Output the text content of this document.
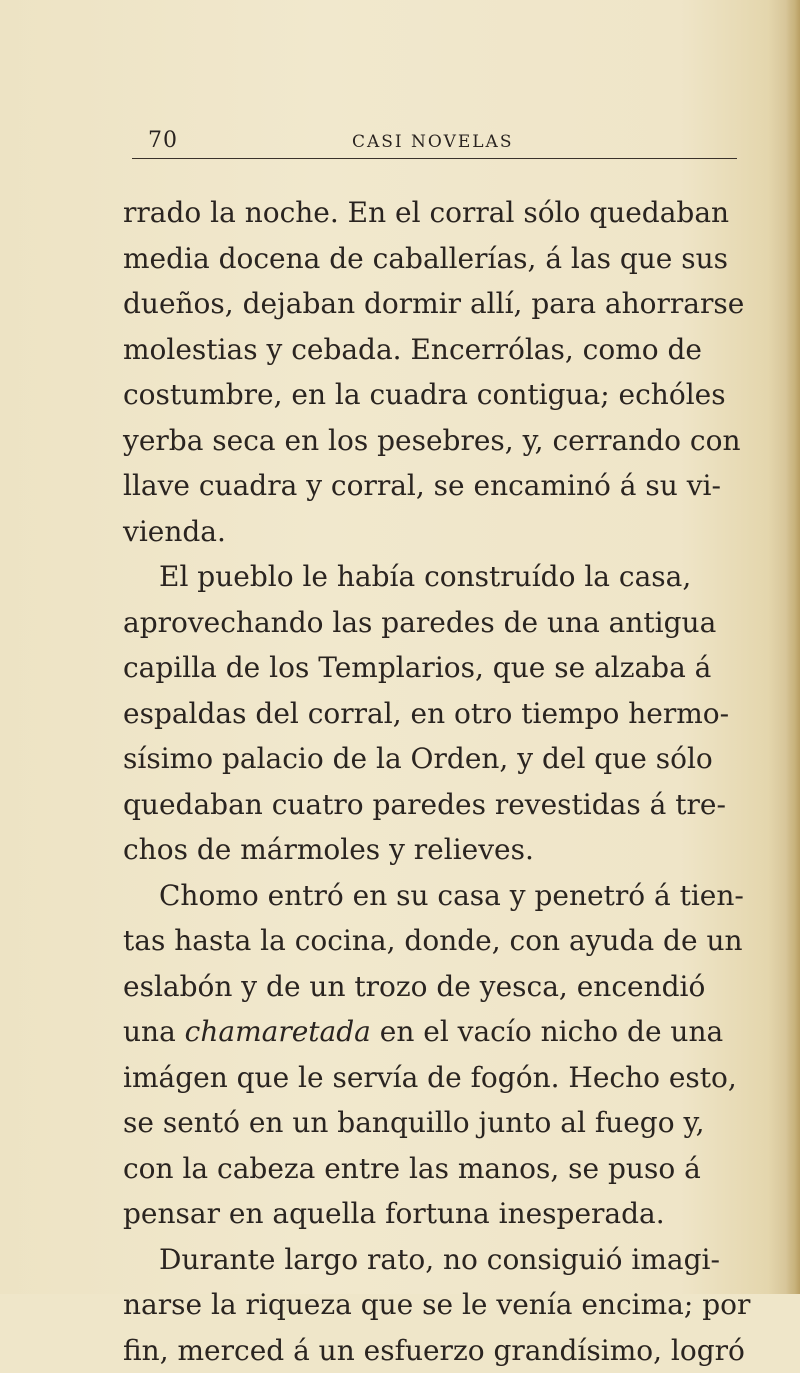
70	CASI NOVELAS
rrado la noche. En el corral sólo quedaban
media docena de caballerías, á las que sus
dueños, dejaban dormir allí, para ahorrarse
molestias y cebada. Encerrólas, como de
costumbre, en la cuadra contigua; echóles
yerba seca en los pesebres, y, cerrando con
llave cuadra y corral, se encaminó á su vi-
vienda.
El pueblo le había construído la casa,
aprovechando las paredes de una antigua
capilla de los Templarios, que se alzaba á
espaldas del corral, en otro tiempo hermo-
sísimo palacio de la Orden, y del que sólo
quedaban cuatro paredes revestidas á tre-
chos de mármoles y relieves.
Chomo entró en su casa y penetró á tien-
tas hasta la cocina, donde, con ayuda de un
eslabón y de un trozo de yesca, encendió
una chamaretada en el vacío nicho de una
imágen que le servía de fogón. Hecho esto,
se sentó en un banquillo junto al fuego y,
con la cabeza entre las manos, se puso á
pensar en aquella fortuna inesperada.
Durante largo rato, no consiguió imagi-
narse la riqueza que se le venía encima; por
fin, merced á un esfuerzo grandísimo, logró
